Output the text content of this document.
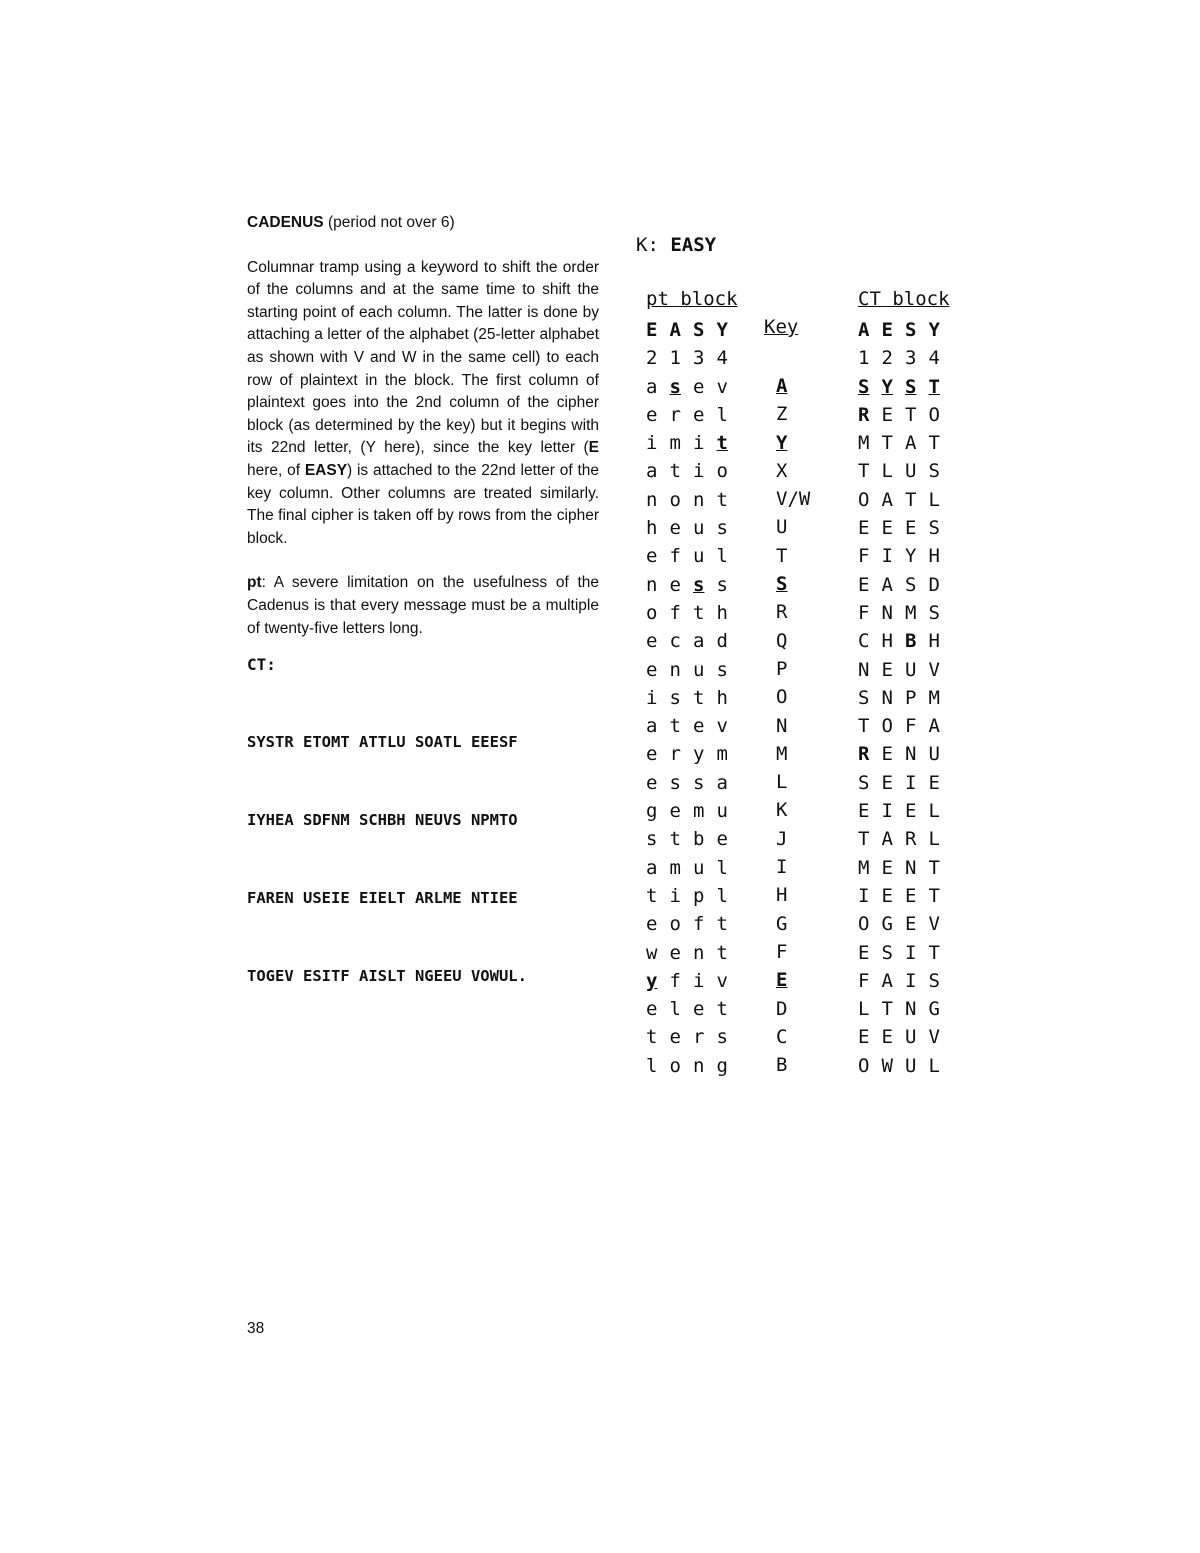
CADENUS (period not over 6)

Columnar tramp using a keyword to shift the order of the columns and at the same time to shift the starting point of each column. The latter is done by attaching a letter of the alphabet (25-letter alphabet as shown with V and W in the same cell) to each row of plaintext in the block. The first column of plaintext goes into the 2nd column of the cipher block (as determined by the key) but it begins with its 22nd letter, (Y here), since the key letter (E here, of EASY) is attached to the 22nd letter of the key column. Other columns are treated similarly. The final cipher is taken off by rows from the cipher block.

pt: A severe limitation on the usefulness of the Cadenus is that every message must be a multiple of twenty-five letters long.

CT:

SYSTR ETOMT ATTLU SOATL EEESF

IYHEA SDFNM SCHBH NEUVS NPMTO

FAREN USEIE EIELT ARLME NTIEE

TOGEV ESITF AISLT NGEEU VOWUL.

38
K: EASY
pt block	CT block
Key
E A S Y
2 1 3 4
a s e v
e r e l
i m i t
a t i o
n o n t
h e u s
e f u l
n e s s
o f t h
e c a d
e n u s
i s t h
a t e v
e r y m
e s s a
g e m u
s t b e
a m u l
t i p l
e o f t
w e n t
y f i v
e l e t
t e r s
l o n g
A
Z
Y
X
V/W
U
T
S
R
Q
P
O
N
M
L
K
J
I
H
G
F
E
D
C
B
A E S Y
1 2 3 4
S Y S T
R E T O
M T A T
T L U S
O A T L
E E E S
F I Y H
E A S D
F N M S
C H B H
N E U V
S N P M
T O F A
R E N U
S E I E
E I E L
T A R L
M E N T
I E E T
O G E V
E S I T
F A I S
L T N G
E E U V
O W U L
